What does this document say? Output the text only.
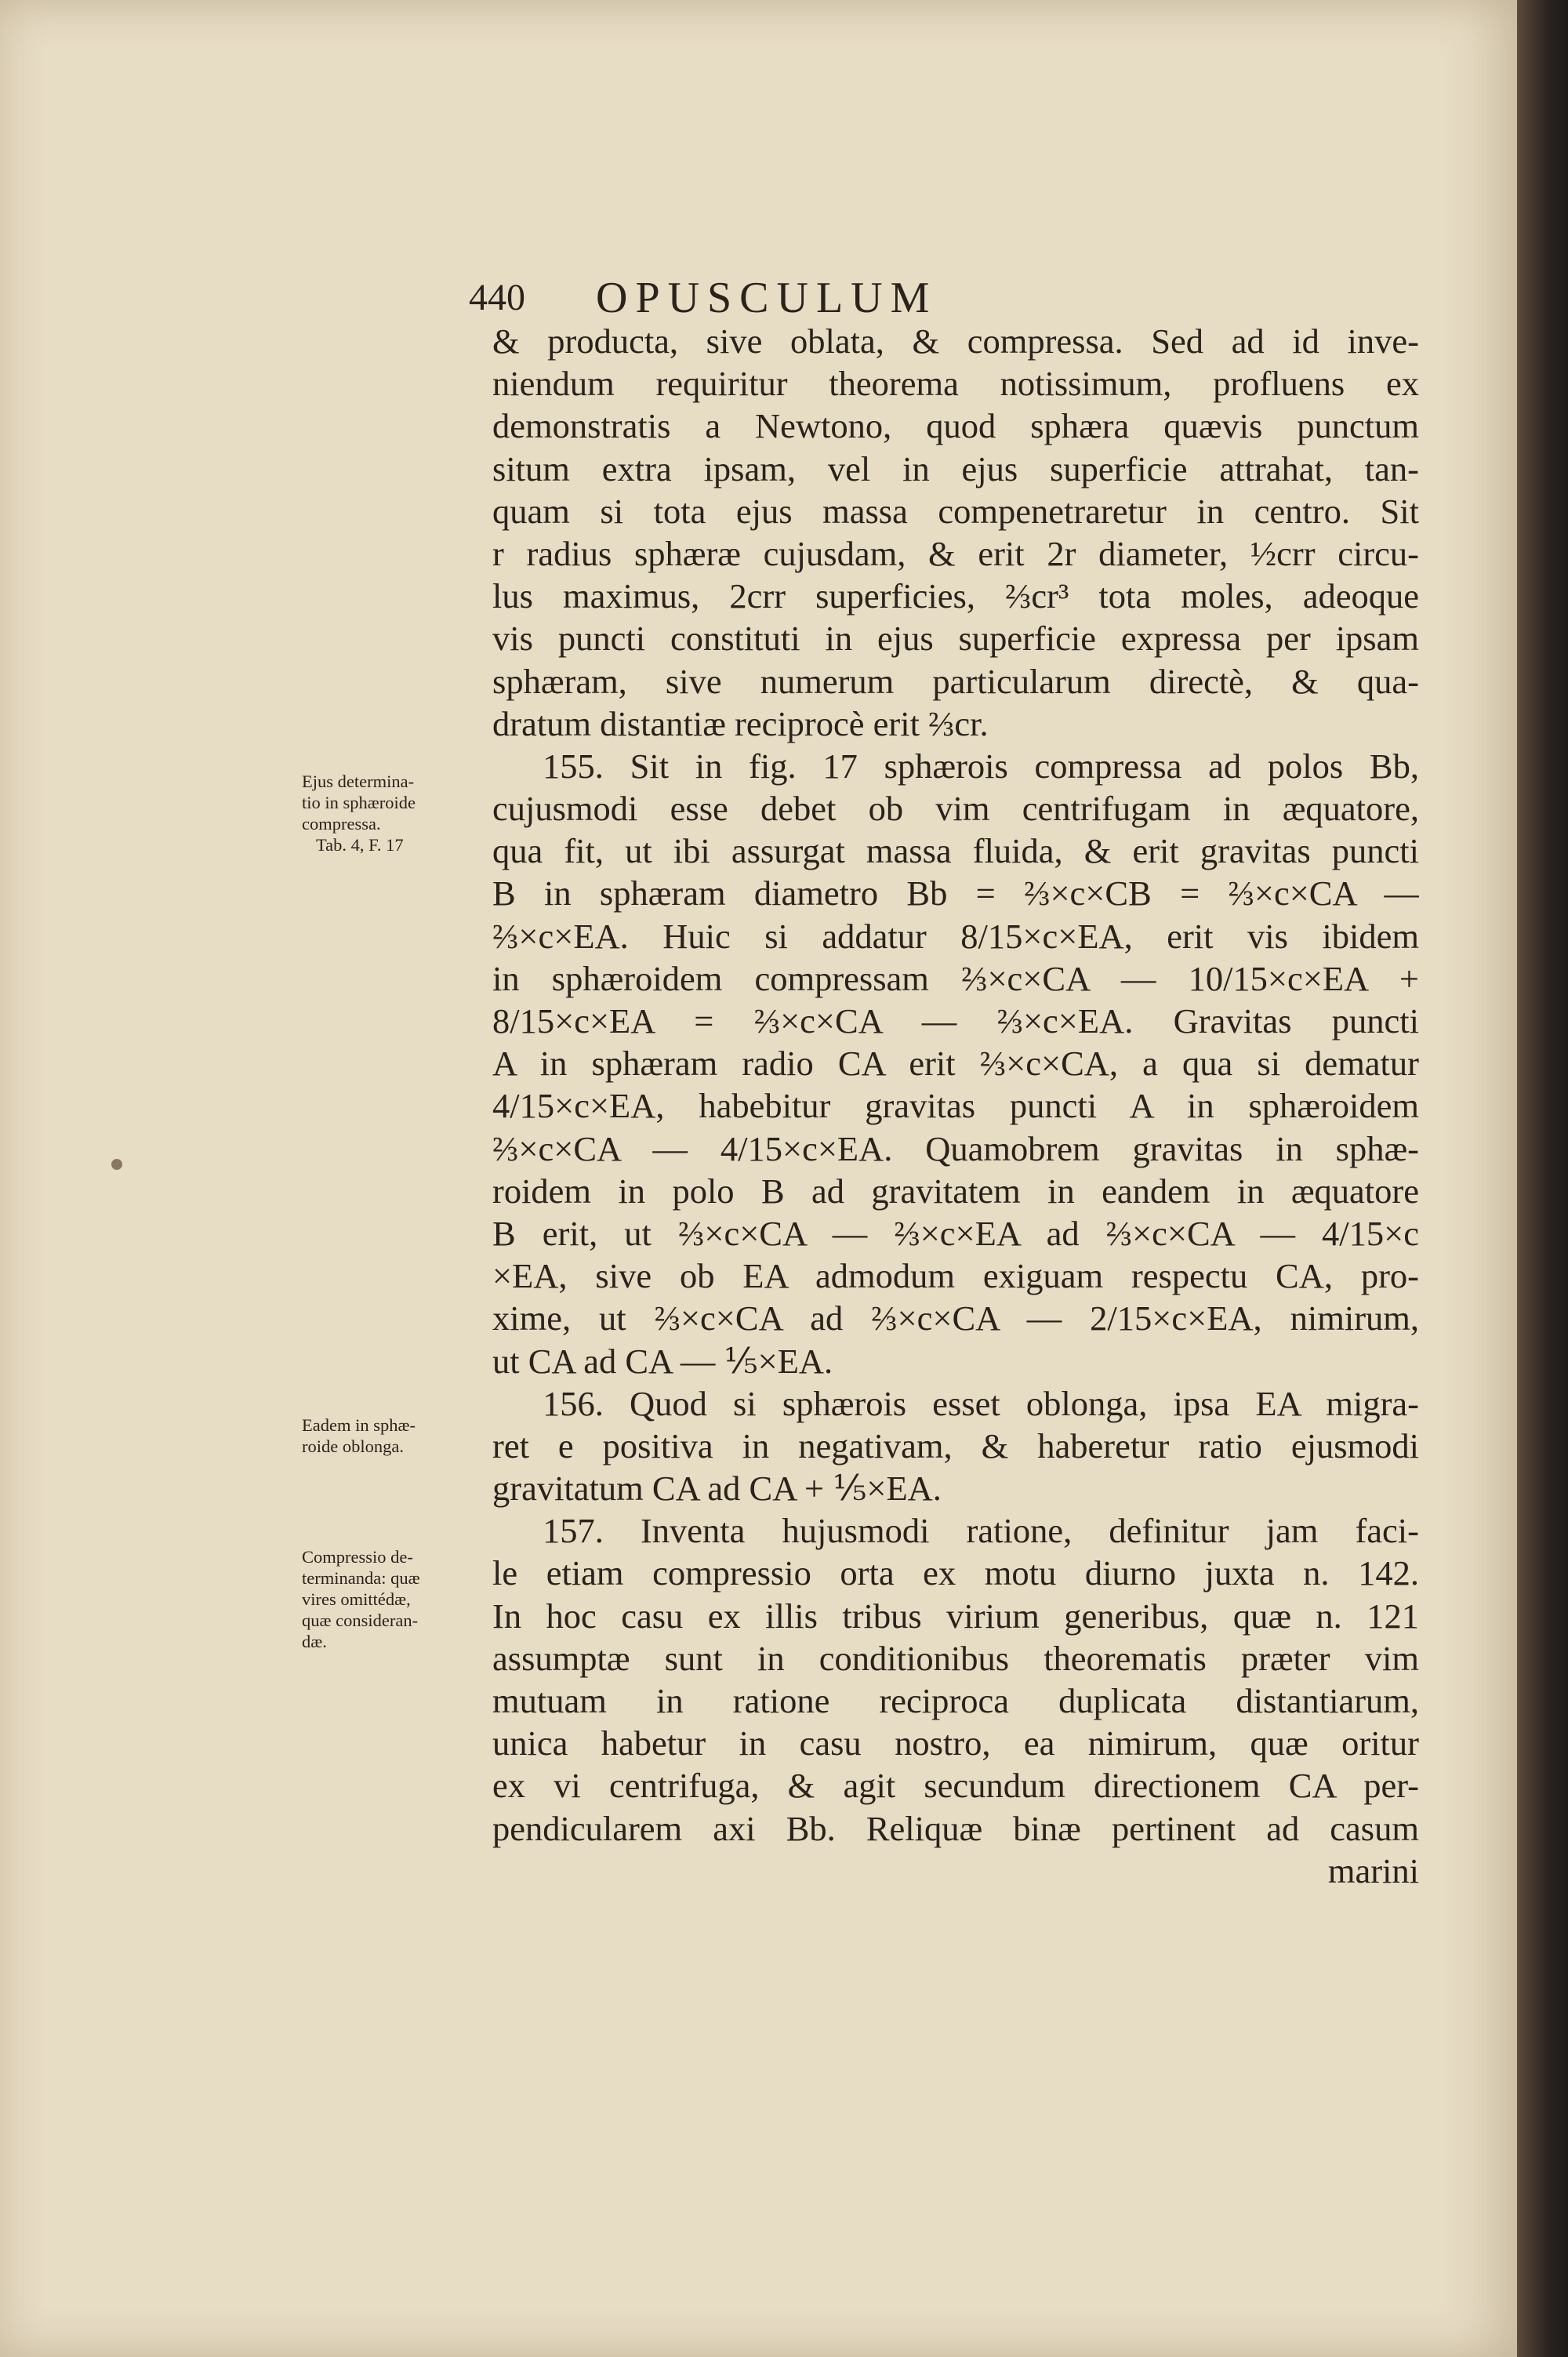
440 OPUSCULUM
Ejus determina-
tio in sphæroide
compressa.
Tab. 4, F. 17
Eadem in sphæ-
roide oblonga.
Compressio de-
terminanda: quæ
vires omittédæ,
quæ consideran-
dæ.
& producta, sive oblata, & compressa. Sed ad id inve-
niendum requiritur theorema notissimum, profluens ex
demonstratis a Newtono, quod sphæra quævis punctum
situm extra ipsam, vel in ejus superficie attrahat, tan-
quam si tota ejus massa compenetraretur in centro. Sit
r radius sphæræ cujusdam, & erit 2r diameter, ½crr circu-
lus maximus, 2crr superficies, ⅔cr³ tota moles, adeoque
vis puncti constituti in ejus superficie expressa per ipsam
sphæram, sive numerum particularum directè, & qua-
dratum distantiæ reciprocè erit ⅔cr.
155. Sit in fig. 17 sphærois compressa ad polos Bb,
cujusmodi esse debet ob vim centrifugam in æquatore,
qua fit, ut ibi assurgat massa fluida, & erit gravitas puncti
B in sphæram diametro Bb = ⅔×c×CB = ⅔×c×CA —
⅔×c×EA. Huic si addatur 8/15×c×EA, erit vis ibidem
in sphæroidem compressam ⅔×c×CA — 10/15×c×EA +
8/15×c×EA = ⅔×c×CA — ⅔×c×EA. Gravitas puncti
A in sphæram radio CA erit ⅔×c×CA, a qua si dematur
4/15×c×EA, habebitur gravitas puncti A in sphæroidem
⅔×c×CA — 4/15×c×EA. Quamobrem gravitas in sphæ-
roidem in polo B ad gravitatem in eandem in æquatore
B erit, ut ⅔×c×CA — ⅔×c×EA ad ⅔×c×CA — 4/15×c
×EA, sive ob EA admodum exiguam respectu CA, pro-
xime, ut ⅔×c×CA ad ⅔×c×CA — 2/15×c×EA, nimirum,
ut CA ad CA — ⅕×EA.
156. Quod si sphærois esset oblonga, ipsa EA migra-
ret e positiva in negativam, & haberetur ratio ejusmodi
gravitatum CA ad CA + ⅕×EA.
157. Inventa hujusmodi ratione, definitur jam faci-
le etiam compressio orta ex motu diurno juxta n. 142.
In hoc casu ex illis tribus virium generibus, quæ n. 121
assumptæ sunt in conditionibus theorematis præter vim
mutuam in ratione reciproca duplicata distantiarum,
unica habetur in casu nostro, ea nimirum, quæ oritur
ex vi centrifuga, & agit secundum directionem CA per-
pendicularem axi Bb. Reliquæ binæ pertinent ad casum
marini
